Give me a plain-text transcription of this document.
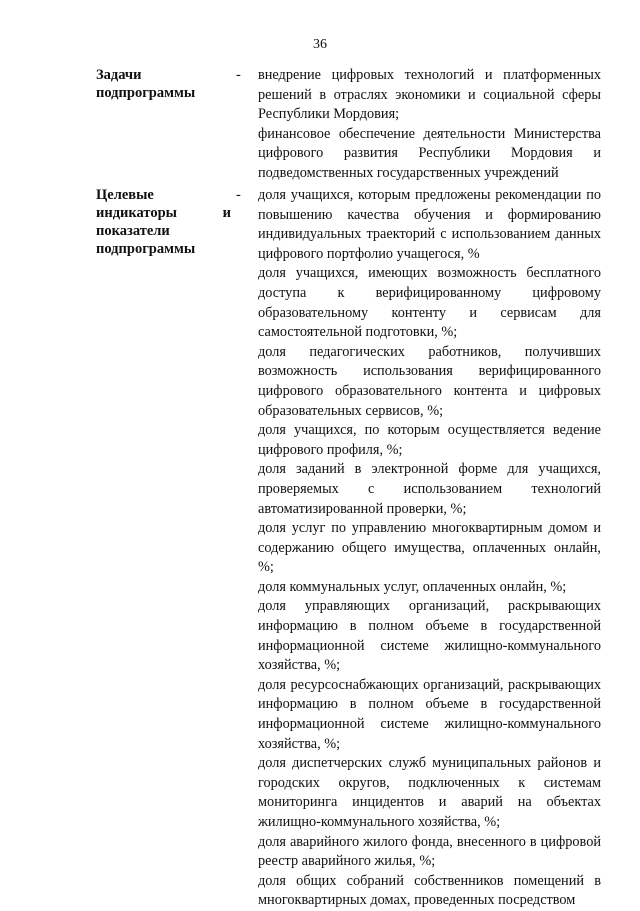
36
Задачи
подпрограммы
- внедрение цифровых технологий и платформенных решений в отраслях экономики и социальной сферы Республики Мордовия;

финансовое обеспечение деятельности Министерства цифрового развития Республики Мордовия и подведомственных государственных учреждений

Целевые
индикаторы и
показатели
подпрограммы
- доля учащихся, которым предложены рекомендации по повышению качества обучения и формированию индивидуальных траекторий с использованием данных цифрового портфолио учащегося, %

доля учащихся, имеющих возможность бесплатного доступа к верифицированному цифровому образовательному контенту и сервисам для самостоятельной подготовки, %;

доля педагогических работников, получивших возможность использования верифицированного цифрового образовательного контента и цифровых образовательных сервисов, %;

доля учащихся, по которым осуществляется ведение цифрового профиля, %;

доля заданий в электронной форме для учащихся, проверяемых с использованием технологий автоматизированной проверки, %;

доля услуг по управлению многоквартирным домом и содержанию общего имущества, оплаченных онлайн, %;

доля коммунальных услуг, оплаченных онлайн, %;

доля управляющих организаций, раскрывающих информацию в полном объеме в государственной информационной системе жилищно-коммунального хозяйства, %;

доля ресурсоснабжающих организаций, раскрывающих информацию в полном объеме в государственной информационной системе жилищно-коммунального хозяйства, %;

доля диспетчерских служб муниципальных районов и городских округов, подключенных к системам мониторинга инцидентов и аварий на объектах жилищно-коммунального хозяйства, %;

доля аварийного жилого фонда, внесенного в цифровой реестр аварийного жилья, %;

доля общих собраний собственников помещений в многоквартирных домах, проведенных посредством
